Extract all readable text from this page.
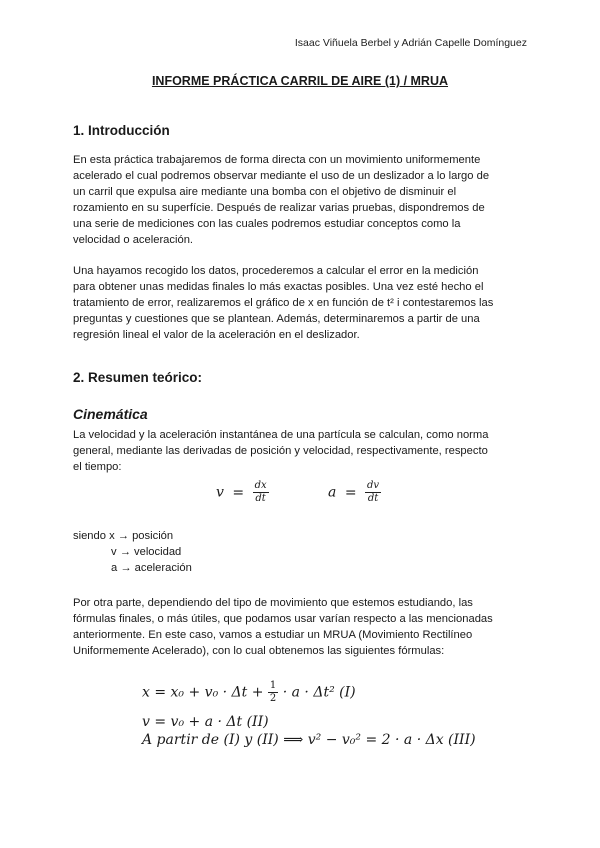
Isaac Viñuela Berbel y Adrián Capelle Domínguez
INFORME PRÁCTICA CARRIL DE AIRE (1) / MRUA
1. Introducción
En esta práctica trabajaremos de forma directa con un movimiento uniformemente
acelerado el cual podremos observar mediante el uso de un deslizador a lo largo de
un carril que expulsa aire mediante una bomba con el objetivo de disminuir el
rozamiento en su superfície. Después de realizar varias pruebas, dispondremos de
una serie de mediciones con las cuales podremos estudiar conceptos como la
velocidad o aceleración.
Una hayamos recogido los datos, procederemos a calcular el error en la medición
para obtener unas medidas finales lo más exactas posibles. Una vez esté hecho el
tratamiento de error, realizaremos el gráfico de x en función de t² i contestaremos las
preguntas y cuestiones que se plantean. Además, determinaremos a partir de una
regresión lineal el valor de la aceleración en el deslizador.
2. Resumen teórico:
Cinemática
La velocidad y la aceleración instantánea de una partícula se calculan, como norma
general, mediante las derivadas de posición y velocidad, respectivamente, respecto
el tiempo:
$v = \frac{dx}{dt}$	$a = \frac{dv}{dt}$
siendo x → posición
v → velocidad
a → aceleración
Por otra parte, dependiendo del tipo de movimiento que estemos estudiando, las
fórmulas finales, o más útiles, que podamos usar varían respecto a las mencionadas
anteriormente. En este caso, vamos a estudiar un MRUA (Movimiento Rectilíneo
Uniformemente Acelerado), con lo cual obtenemos las siguientes fórmulas:
$x = x_0 + v_0 \cdot \Delta t + \frac{1}{2} \cdot a \cdot \Delta t^2$ (I)
v = v₀ + a · Δt (II)
A partir de (I) y (II) ⟹ v² − v₀² = 2 · a · Δx (III)
